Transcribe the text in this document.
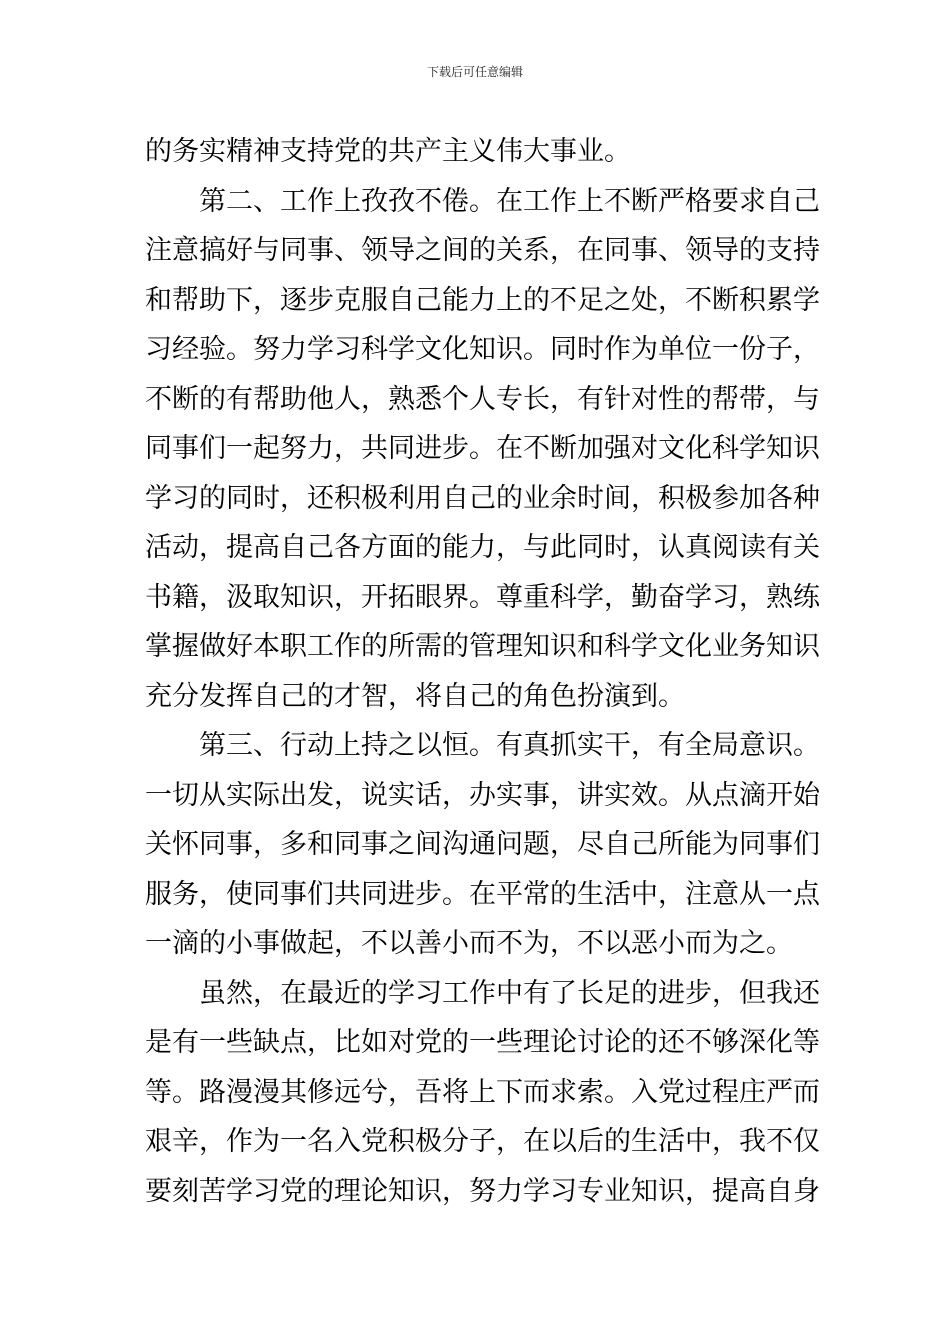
下载后可任意编辑
的务实精神支持党的共产主义伟大事业。
第二、工作上孜孜不倦。在工作上不断严格要求自己
注意搞好与同事、领导之间的关系，在同事、领导的支持
和帮助下，逐步克服自己能力上的不足之处，不断积累学
习经验。努力学习科学文化知识。同时作为单位一份子，
不断的有帮助他人，熟悉个人专长，有针对性的帮带，与
同事们一起努力，共同进步。在不断加强对文化科学知识
学习的同时，还积极利用自己的业余时间，积极参加各种
活动，提高自己各方面的能力，与此同时，认真阅读有关
书籍，汲取知识，开拓眼界。尊重科学，勤奋学习，熟练
掌握做好本职工作的所需的管理知识和科学文化业务知识
充分发挥自己的才智，将自己的角色扮演到。
第三、行动上持之以恒。有真抓实干，有全局意识。
一切从实际出发，说实话，办实事，讲实效。从点滴开始
关怀同事，多和同事之间沟通问题，尽自己所能为同事们
服务，使同事们共同进步。在平常的生活中，注意从一点
一滴的小事做起，不以善小而不为，不以恶小而为之。
虽然，在最近的学习工作中有了长足的进步，但我还
是有一些缺点，比如对党的一些理论讨论的还不够深化等
等。路漫漫其修远兮，吾将上下而求索。入党过程庄严而
艰辛，作为一名入党积极分子，在以后的生活中，我不仅
要刻苦学习党的理论知识，努力学习专业知识，提高自身
